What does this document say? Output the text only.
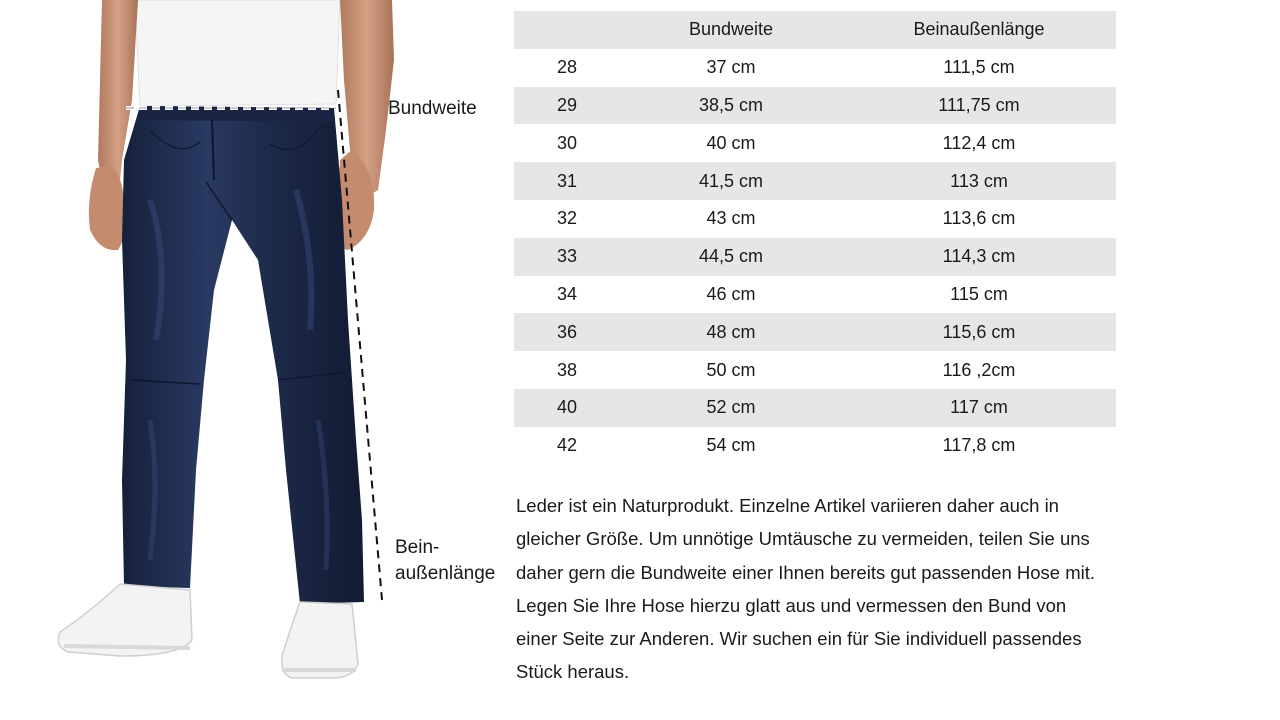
Bundweite
Bein-
außenlänge
	Bundweite	Beinaußenlänge
28	37 cm	111,5 cm
29	38,5 cm	111,75 cm
30	40 cm	112,4 cm
31	41,5 cm	113 cm
32	43 cm	113,6 cm
33	44,5 cm	114,3 cm
34	46 cm	115 cm
36	48 cm	115,6 cm
38	50 cm	116 ,2cm
40	52 cm	117 cm
42	54 cm	117,8 cm

Leder ist ein Naturprodukt. Einzelne Artikel variieren daher auch in

gleicher Größe. Um unnötige Umtäusche zu vermeiden, teilen Sie uns

daher gern die Bundweite einer Ihnen bereits gut passenden Hose mit.

Legen Sie Ihre Hose hierzu glatt aus und vermessen den Bund von

einer Seite zur Anderen. Wir suchen ein für Sie individuell passendes

Stück heraus.
